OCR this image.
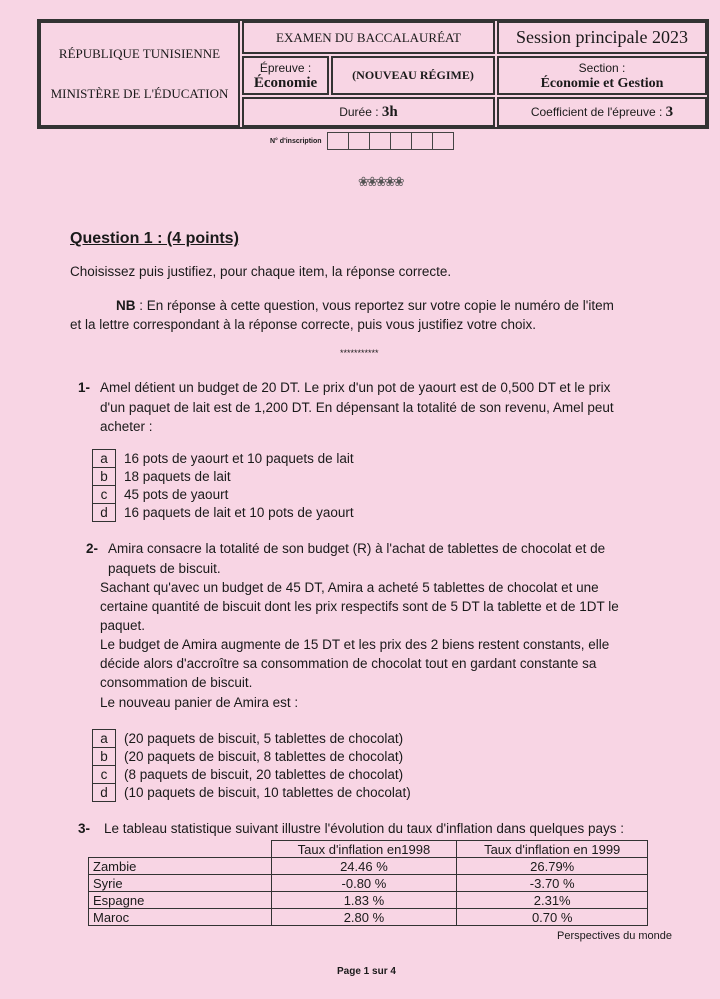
RÉPUBLIQUE TUNISIENNE
MINISTÈRE DE L'ÉDUCATION
EXAMEN DU BACCALAURÉAT	Session principale 2023
Épreuve :
Économie	(NOUVEAU RÉGIME)
Section :
Économie et Gestion
Durée : 3h	Coefficient de l'épreuve : 3
N° d'inscription
❀❀❀❀❀
Question 1 : (4 points)
Choisissez puis justifiez, pour chaque item, la réponse correcte.
NB : En réponse à cette question, vous reportez sur votre copie le numéro de l'item
et la lettre correspondant à la réponse correcte, puis vous justifiez votre choix.
***********
1- Amel détient un budget de 20 DT. Le prix d'un pot de yaourt est de 0,500 DT et le prix
d'un paquet de lait est de 1,200 DT. En dépensant la totalité de son revenu, Amel peut
acheter :
a	16 pots de yaourt et 10 paquets de lait
b	18 paquets de lait
c	45 pots de yaourt
d	16 paquets de lait et 10 pots de yaourt
2- Amira consacre la totalité de son budget (R) à l'achat de tablettes de chocolat et de
paquets de biscuit.
Sachant qu'avec un budget de 45 DT, Amira a acheté 5 tablettes de chocolat et une
certaine quantité de biscuit dont les prix respectifs sont de 5 DT la tablette et de 1DT le
paquet.
Le budget de Amira augmente de 15 DT et les prix des 2 biens restent constants, elle
décide alors d'accroître sa consommation de chocolat tout en gardant constante sa
consommation de biscuit.
Le nouveau panier de Amira est :
a	(20 paquets de biscuit, 5 tablettes de chocolat)
b	(20 paquets de biscuit, 8 tablettes de chocolat)
c	(8 paquets de biscuit, 20 tablettes de chocolat)
d	(10 paquets de biscuit, 10 tablettes de chocolat)
3- Le tableau statistique suivant illustre l'évolution du taux d'inflation dans quelques pays :
	Taux d'inflation en1998	Taux d'inflation en 1999
Zambie	24.46 %	26.79%
Syrie	-0.80 %	-3.70 %
Espagne	1.83 %	2.31%
Maroc	2.80 %	0.70 %
Perspectives du monde
Page 1 sur 4
